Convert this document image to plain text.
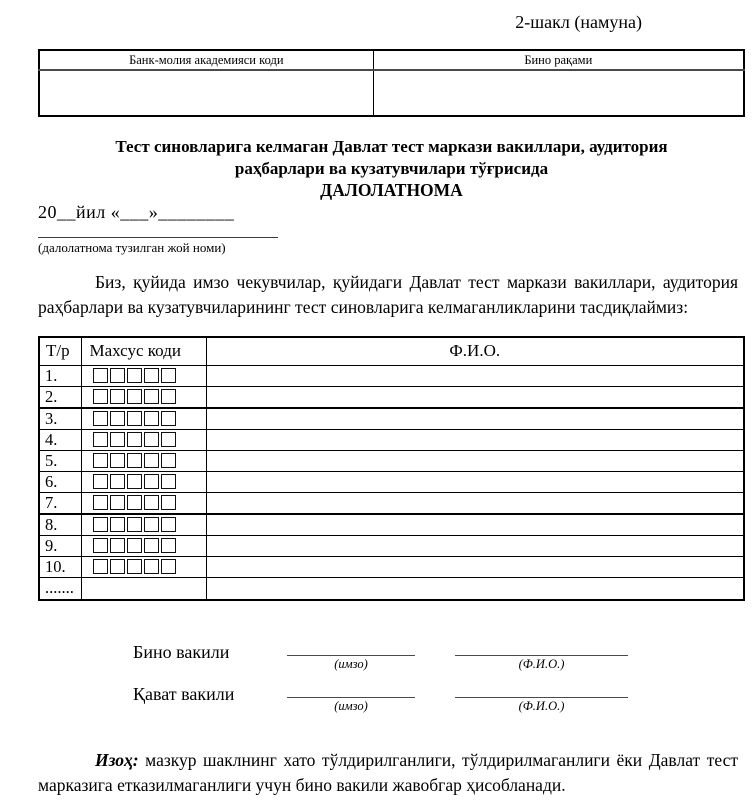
2-шакл (намуна)
Банк-молия академияси коди	Бино рақами

Тест синовларига келмаган Давлат тест маркази вакиллари, аудитория раҳбарлари ва кузатувчилари тўғрисида
ДАЛОЛАТНОМА
20__йил «___»________
(далолатнома тузилган жой номи)
Биз, қуйида имзо чекувчилар, қуйидаги Давлат тест маркази вакиллари, аудитория раҳбарлари ва кузатувчиларининг тест синовларига келмаганликларини тасдиқлаймиз:
Т/р	Махсус коди	Ф.И.О.
1.		
2.		
3.		
4.		
5.		
6.		
7.		
8.		
9.		
10.		
.......		
Бино вакили
(имзо)	(Ф.И.О.)
Қават вакили
(имзо)	(Ф.И.О.)
Изоҳ: мазкур шаклнинг хато тўлдирилганлиги, тўлдирилмаганлиги ёки Давлат тест марказига етказилмаганлиги учун бино вакили жавобгар ҳисобланади.
